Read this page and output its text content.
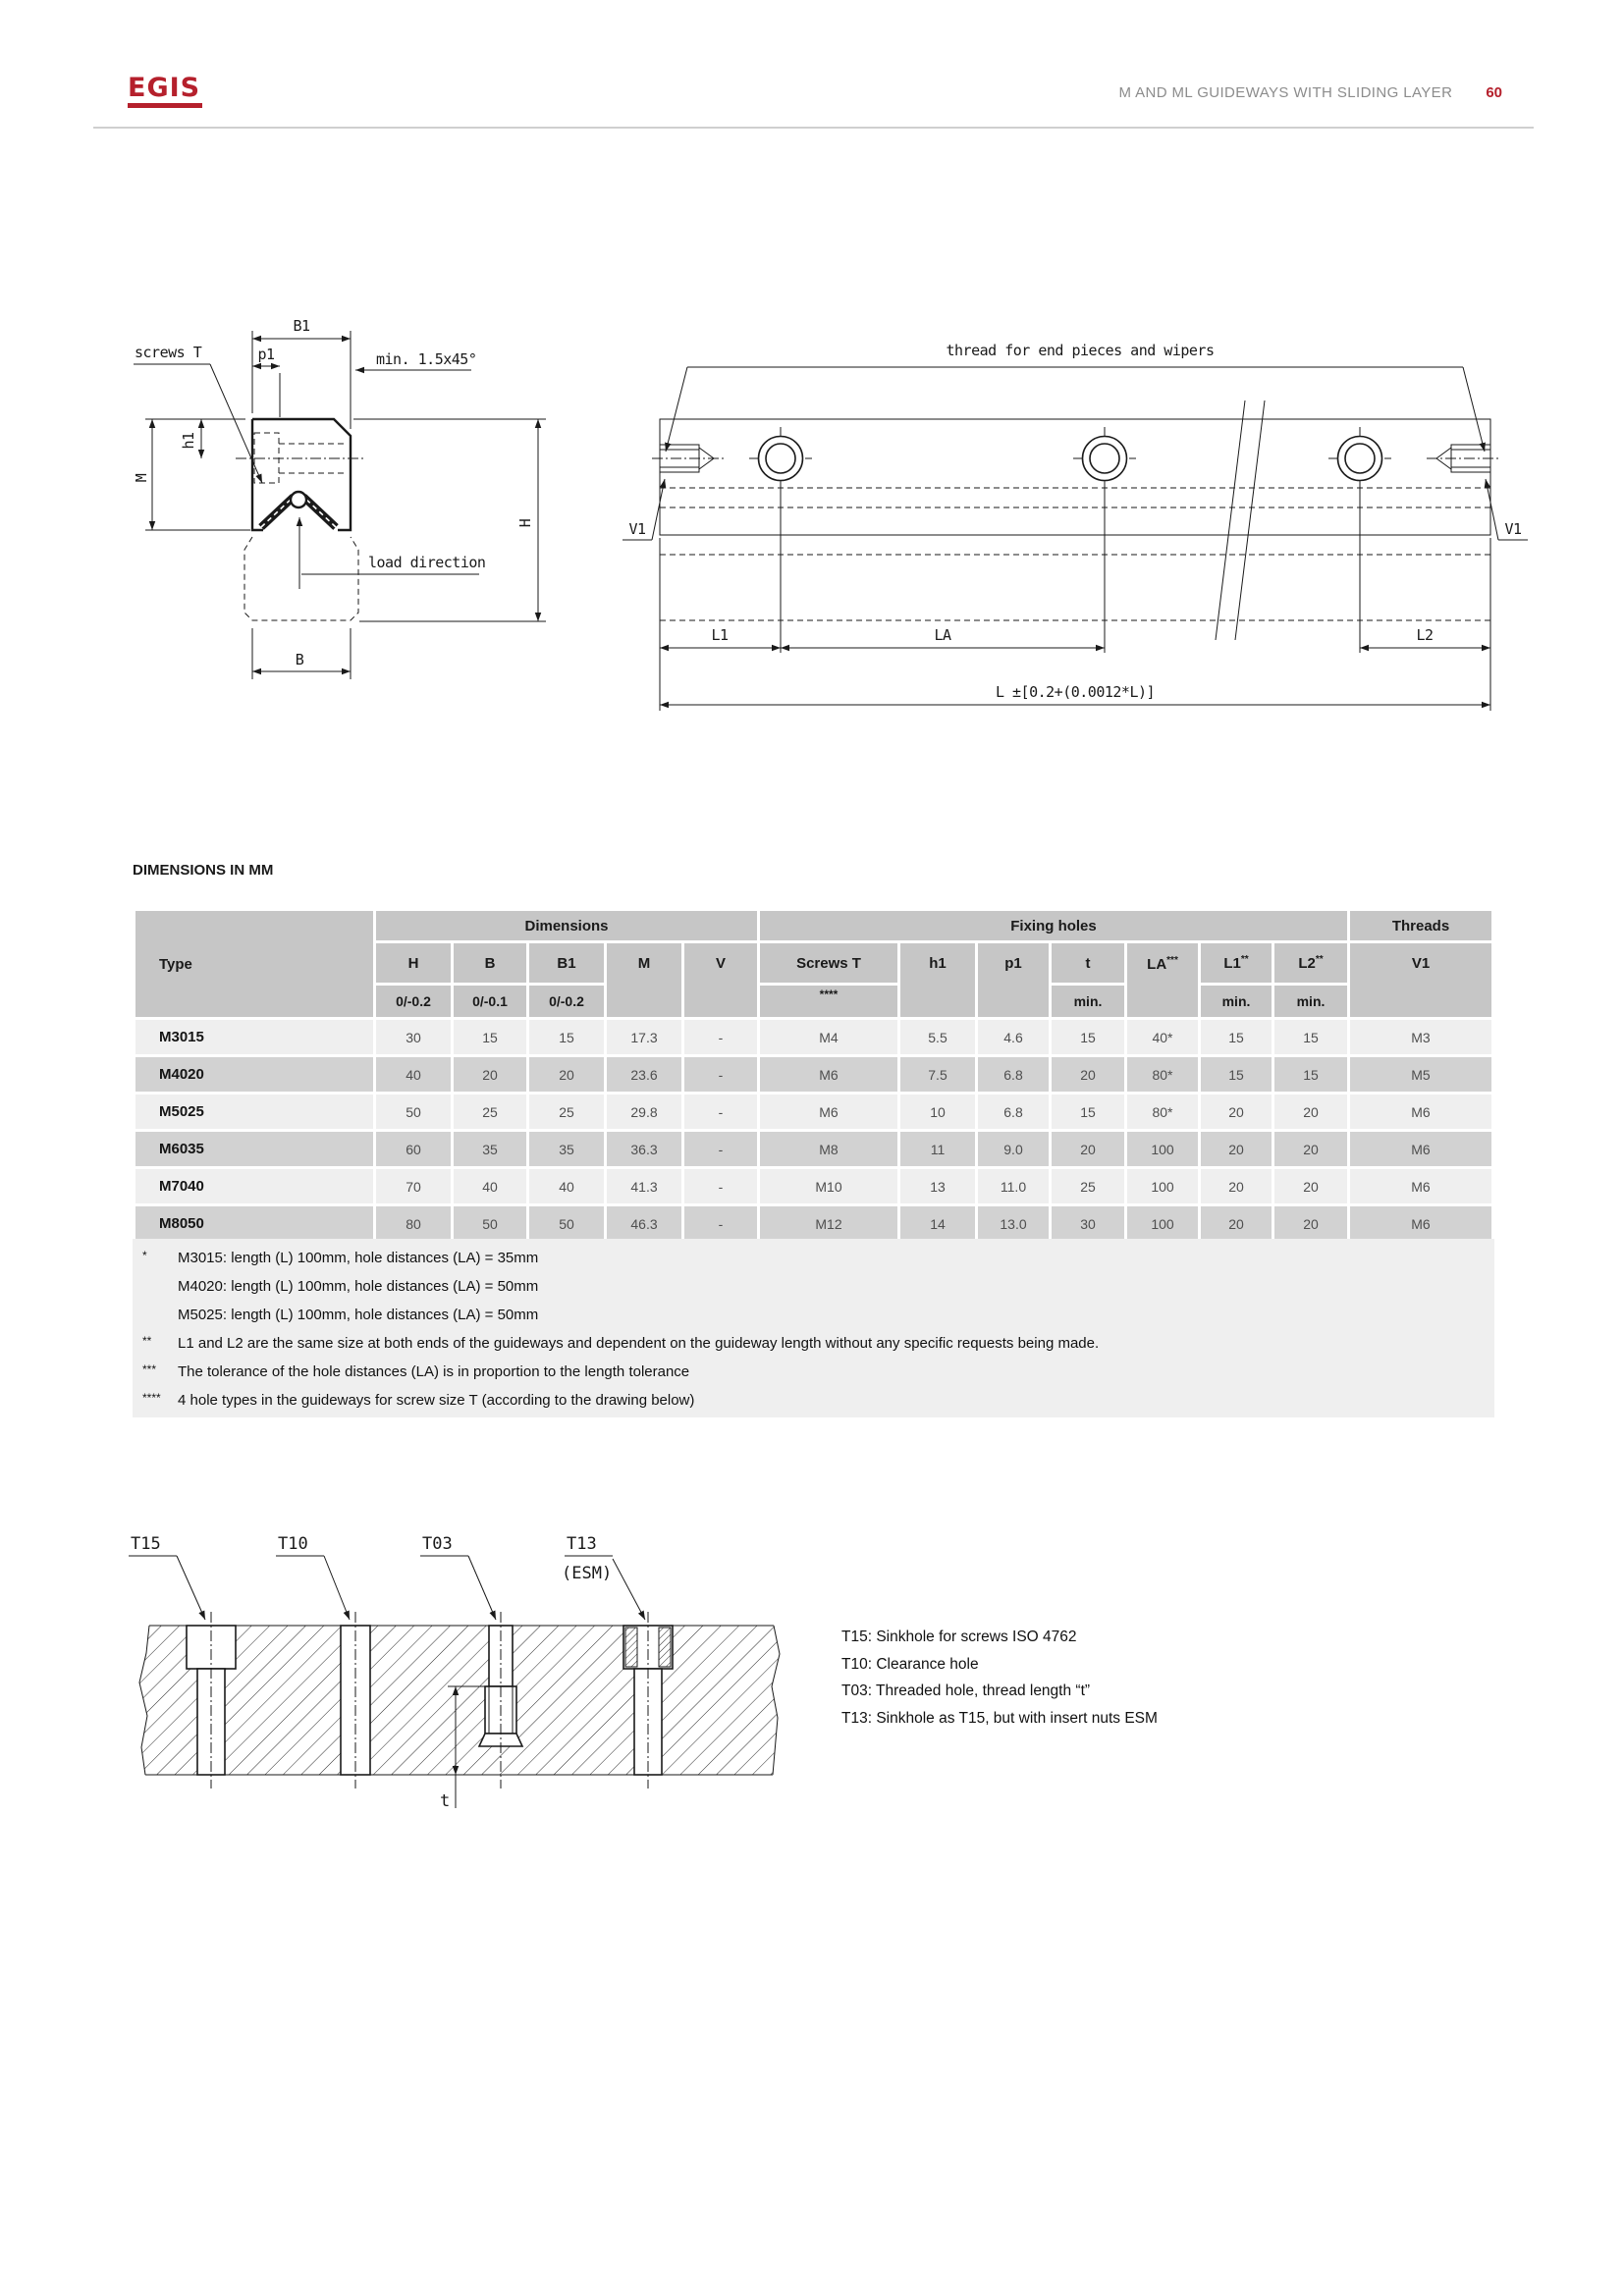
EGIS	M AND ML GUIDEWAYS WITH SLIDING LAYER 60
B1
p1	min. 1.5x45°
screws T
M
h1
H
B
load direction
thread for end pieces and wipers
V1	V1
L1	LA	L2
L ±[0.2+(0.0012*L)]
DIMENSIONS IN MM
Type	Dimensions					Fixing holes							Threads
	H	B	B1	M	V	Screws T	h1	p1	t	LA***	L1**	L2**	V1
	0/-0.2	0/-0.1	0/-0.2			****			min.		min.	min.	
M3015	30	15	15	17.3	-	M4	5.5	4.6	15	40*	15	15	M3
M4020	40	20	20	23.6	-	M6	7.5	6.8	20	80*	15	15	M5
M5025	50	25	25	29.8	-	M6	10	6.8	15	80*	20	20	M6
M6035	60	35	35	36.3	-	M8	11	9.0	20	100	20	20	M6
M7040	70	40	40	41.3	-	M10	13	11.0	25	100	20	20	M6
M8050	80	50	50	46.3	-	M12	14	13.0	30	100	20	20	M6
*	M3015: length (L) 100mm, hole distances (LA) = 35mm
M4020: length (L) 100mm, hole distances (LA) = 50mm
M5025: length (L) 100mm, hole distances (LA) = 50mm
**	L1 and L2 are the same size at both ends of the guideways and dependent on the guideway length without any specific requests being made.
***	The tolerance of the hole distances (LA) is in proportion to the length tolerance
****	4 hole types in the guideways for screw size T (according to the drawing below)
t
T15	T10	T03	T13
(ESM)
T15: Sinkhole for screws ISO 4762
T10: Clearance hole
T03: Threaded hole, thread length “t”
T13: Sinkhole as T15, but with insert nuts ESM
